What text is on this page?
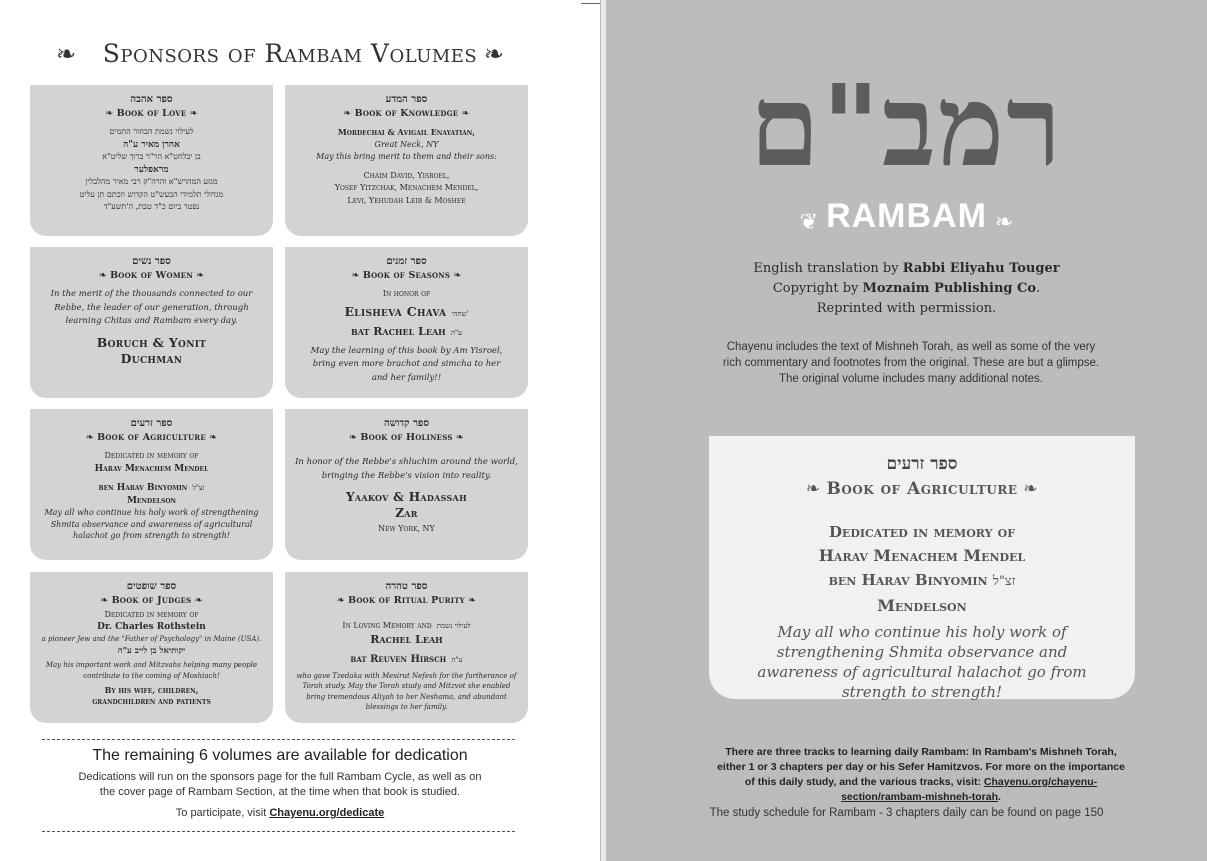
❧ Sponsors of Rambam Volumes ❧
ספר אהבה
❧ Book of Love ❧
לעילוי נשמת הבחור התמים
אהרן מאיר ע"ה
בן יבלחט"א הר"ר ברוך שליט"א
מראפלער
מגזע המהרש"א והרה"ק רבי מאיר מהלבלין
מגדולי תלמידי הבעש"ט הקדוש וזכתם תן עליט
נפטר ביום כ"ד טבת, ה'תשע"ד
ספר המדע
❧ Book of Knowledge ❧
Mordechai & Avigail Enayatian,
Great Neck, NY
May this bring merit to them and their sons:
Chaim David, Yisroel,
Yosef Yitzchak, Menachem Mendel,
Levi, Yehudah Leib & Moshee
ספר נשים
❧ Book of Women ❧
In the merit of the thousands connected to our Rebbe, the leader of our generation, through learning Chitas and Rambam every day.
Boruch & Yonit
Duchman
ספר זמנים
❧ Book of Seasons ❧
In honor of
Elisheva Chava שתחי'
bat Rachel Leah ע"ה
May the learning of this book by Am Yisroel, bring even more brachot and simcha to her and her family!!
ספר זרעים
❧ Book of Agriculture ❧
Dedicated in memory of
Harav Menachem Mendel
ben Harav Binyomin זצ"ל
Mendelson
May all who continue his holy work of strengthening Shmita observance and awareness of agricultural halachot go from strength to strength!
ספר קדושה
❧ Book of Holiness ❧
In honor of the Rebbe's shluchim around the world, bringing the Rebbe's vision into reality.
Yaakov & Hadassah
Zar
New York, NY
ספר שופטים
❧ Book of Judges ❧
Dedicated in memory of
Dr. Charles Rothstein
a pioneer Jew and the "Father of Psychology" in Maine (USA).
יקותיאל בן לייב ע"ה
May his important work and Mitzvahs helping many people contribute to the coming of Moshiach!
By his wife, children,
grandchildren and patients
ספר טהרה
❧ Book of Ritual Purity ❧
In Loving Memory and לעילוי נשמת
Rachel Leah
bat Reuven Hirsch ע"ה
who gave Tzedaka with Mesirut Nefesh for the furtherance of Torah study. May the Torah study and Mitzvot she enabled bring tremendous Aliyah to her Neshama, and abundant blessings to her family.
The remaining 6 volumes are available for dedication
Dedications will run on the sponsors page for the full Rambam Cycle, as well as on
the cover page of Rambam Section, at the time when that book is studied.
To participate, visit Chayenu.org/dedicate
רמב"ם
❦ RAMBAM ❧
English translation by Rabbi Eliyahu Touger
Copyright by Moznaim Publishing Co.
Reprinted with permission.
Chayenu includes the text of Mishneh Torah, as well as some of the very rich commentary and footnotes from the original. These are but a glimpse. The original volume includes many additional notes.
ספר זרעים
❧ Book of Agriculture ❧
Dedicated in memory of
Harav Menachem Mendel
ben Harav Binyomin זצ"ל
Mendelson
May all who continue his holy work of strengthening Shmita observance and awareness of agricultural halachot go from strength to strength!
There are three tracks to learning daily Rambam: In Rambam's Mishneh Torah, either 1 or 3 chapters per day or his Sefer Hamitzvos. For more on the importance of this daily study, and the various tracks, visit: Chayenu.org/chayenu-section/rambam-mishneh-torah.
The study schedule for Rambam - 3 chapters daily can be found on page 150
